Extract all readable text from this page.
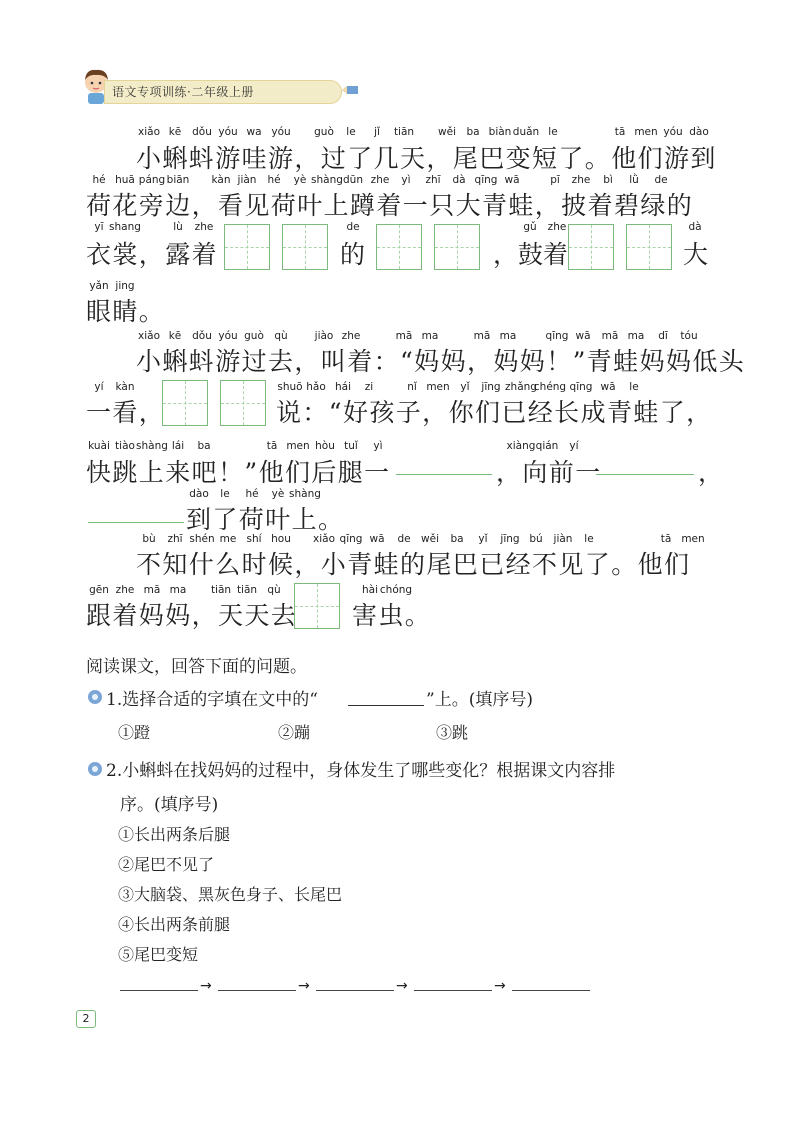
语文专项训练·二年级上册
小蝌蚪游哇游，过了几天，尾巴变短了。他们游到
荷花旁边，看见荷叶上蹲着一只大青蛙，披着碧绿的
衣裳，露着	的	，鼓着	大
眼睛。
小蝌蚪游过去，叫着：“妈妈，妈妈！”青蛙妈妈低头
一看，	说：“好孩子，你们已经长成青蛙了，
快跳上来吧！”他们后腿一	，向前一	，
到了荷叶上。
不知什么时候，小青蛙的尾巴已经不见了。他们
跟着妈妈，天天去 害虫。
xiǎo kē dǒu yóu wa yóu guò le jǐ tiān wěi ba biàn duǎn le	tā men yóu dào
hé huā páng biān kàn jiàn hé yè shàng dūn zhe yì zhī dà qīng wā	pī zhe bì lǜ de
yī shang	lù zhe	de	gǔ zhe	dà
yǎn jing
xiǎo kē dǒu yóu guò qù	jiào zhe	mā ma	mā ma	qīng wā mā ma dī tóu
yí kàn	shuō hǎo hái zi	nǐ men yǐ jīng zhǎng
chéng qīng wā le
kuài tiào shàng lái ba	tā men hòu tuǐ yì	xiàng qián yí
dào le hé yè shàng
bù zhī shén me shí hou xiǎo qīng wā de wěi ba yǐ jīng bú jiàn le	tā men
gēn zhe mā ma tiān tiān qù	hài chóng
阅读课文，回答下面的问题。
1.选择合适的字填在文中的“	”上。(填序号)
①蹬	②蹦	③跳
2.小蝌蚪在找妈妈的过程中，身体发生了哪些变化？根据课文内容排
序。(填序号)
①长出两条后腿
②尾巴不见了
③大脑袋、黑灰色身子、长尾巴
④长出两条前腿
⑤尾巴变短
→	→	→	→
2
